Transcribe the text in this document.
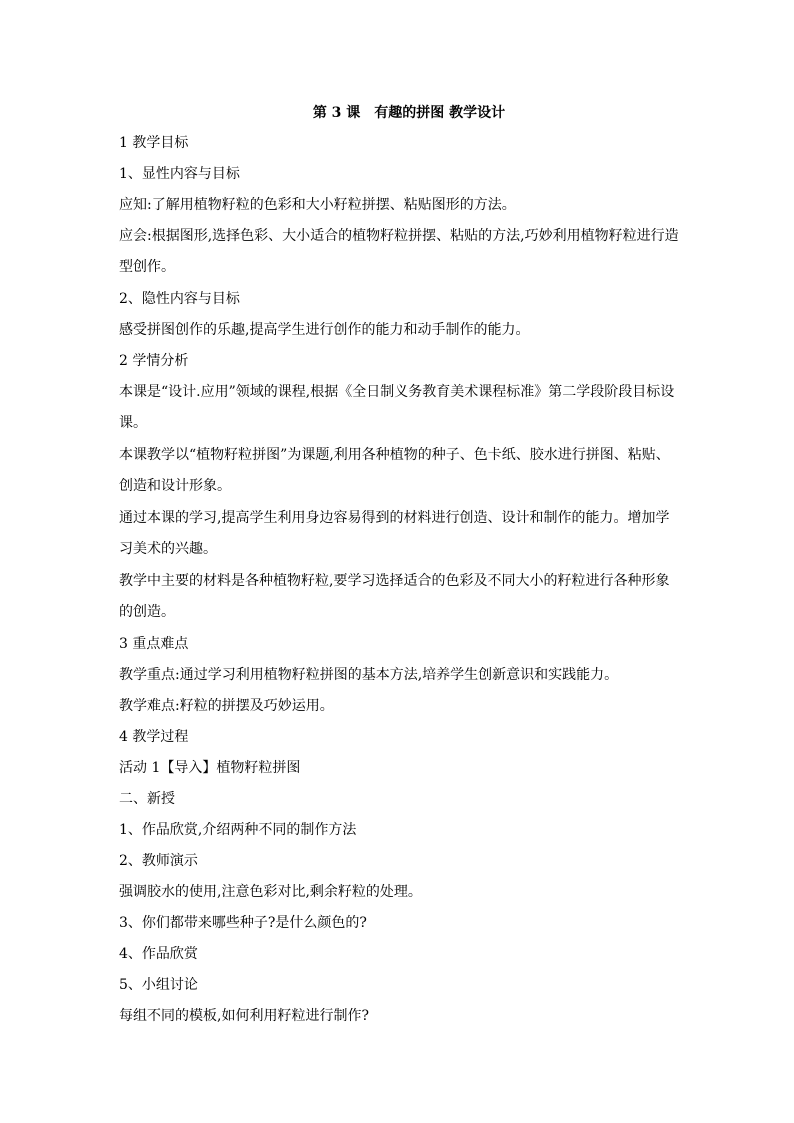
第 3 课　有趣的拼图 教学设计
1 教学目标
1、显性内容与目标
应知:了解用植物籽粒的色彩和大小籽粒拼摆、粘贴图形的方法。
应会:根据图形,选择色彩、大小适合的植物籽粒拼摆、粘贴的方法,巧妙利用植物籽粒进行造型创作。
2、隐性内容与目标
感受拼图创作的乐趣,提高学生进行创作的能力和动手制作的能力。
2 学情分析
本课是“设计.应用”领域的课程,根据《全日制义务教育美术课程标准》第二学段阶段目标设课。
本课教学以“植物籽粒拼图”为课题,利用各种植物的种子、色卡纸、胶水进行拼图、粘贴、创造和设计形象。
通过本课的学习,提高学生利用身边容易得到的材料进行创造、设计和制作的能力。增加学习美术的兴趣。
教学中主要的材料是各种植物籽粒,要学习选择适合的色彩及不同大小的籽粒进行各种形象的创造。
3 重点难点
教学重点:通过学习利用植物籽粒拼图的基本方法,培养学生创新意识和实践能力。
教学难点:籽粒的拼摆及巧妙运用。
4 教学过程
活动 1【导入】植物籽粒拼图
二、新授
1、作品欣赏,介绍两种不同的制作方法
2、教师演示
强调胶水的使用,注意色彩对比,剩余籽粒的处理。
3、你们都带来哪些种子?是什么颜色的?
4、作品欣赏
5、小组讨论
每组不同的模板,如何利用籽粒进行制作?
